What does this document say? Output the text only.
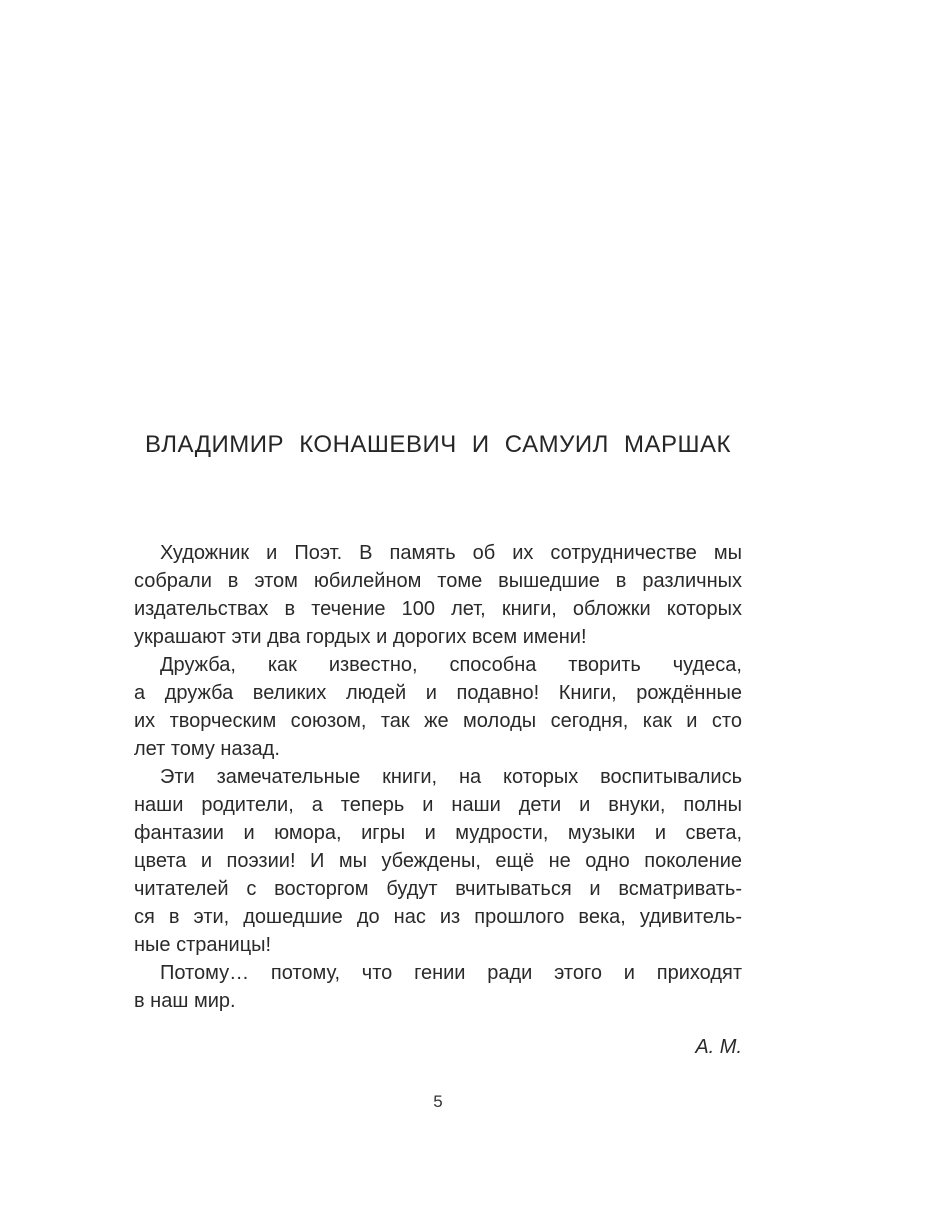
ВЛАДИМИР КОНАШЕВИЧ И САМУИЛ МАРШАК
Художник и Поэт. В память об их сотрудничестве мы
собрали в этом юбилейном томе вышедшие в различных
издательствах в течение 100 лет, книги, обложки которых
украшают эти два гордых и дорогих всем имени!
Дружба, как известно, способна творить чудеса,
а дружба великих людей и подавно! Книги, рождённые
их творческим союзом, так же молоды сегодня, как и сто
лет тому назад.
Эти замечательные книги, на которых воспитывались
наши родители, а теперь и наши дети и внуки, полны
фантазии и юмора, игры и мудрости, музыки и света,
цвета и поэзии! И мы убеждены, ещё не одно поколение
читателей с восторгом будут вчитываться и всматривать-
ся в эти, дошедшие до нас из прошлого века, удивитель-
ные страницы!
Потому… потому, что гении ради этого и приходят
в наш мир.
А. М.
5
